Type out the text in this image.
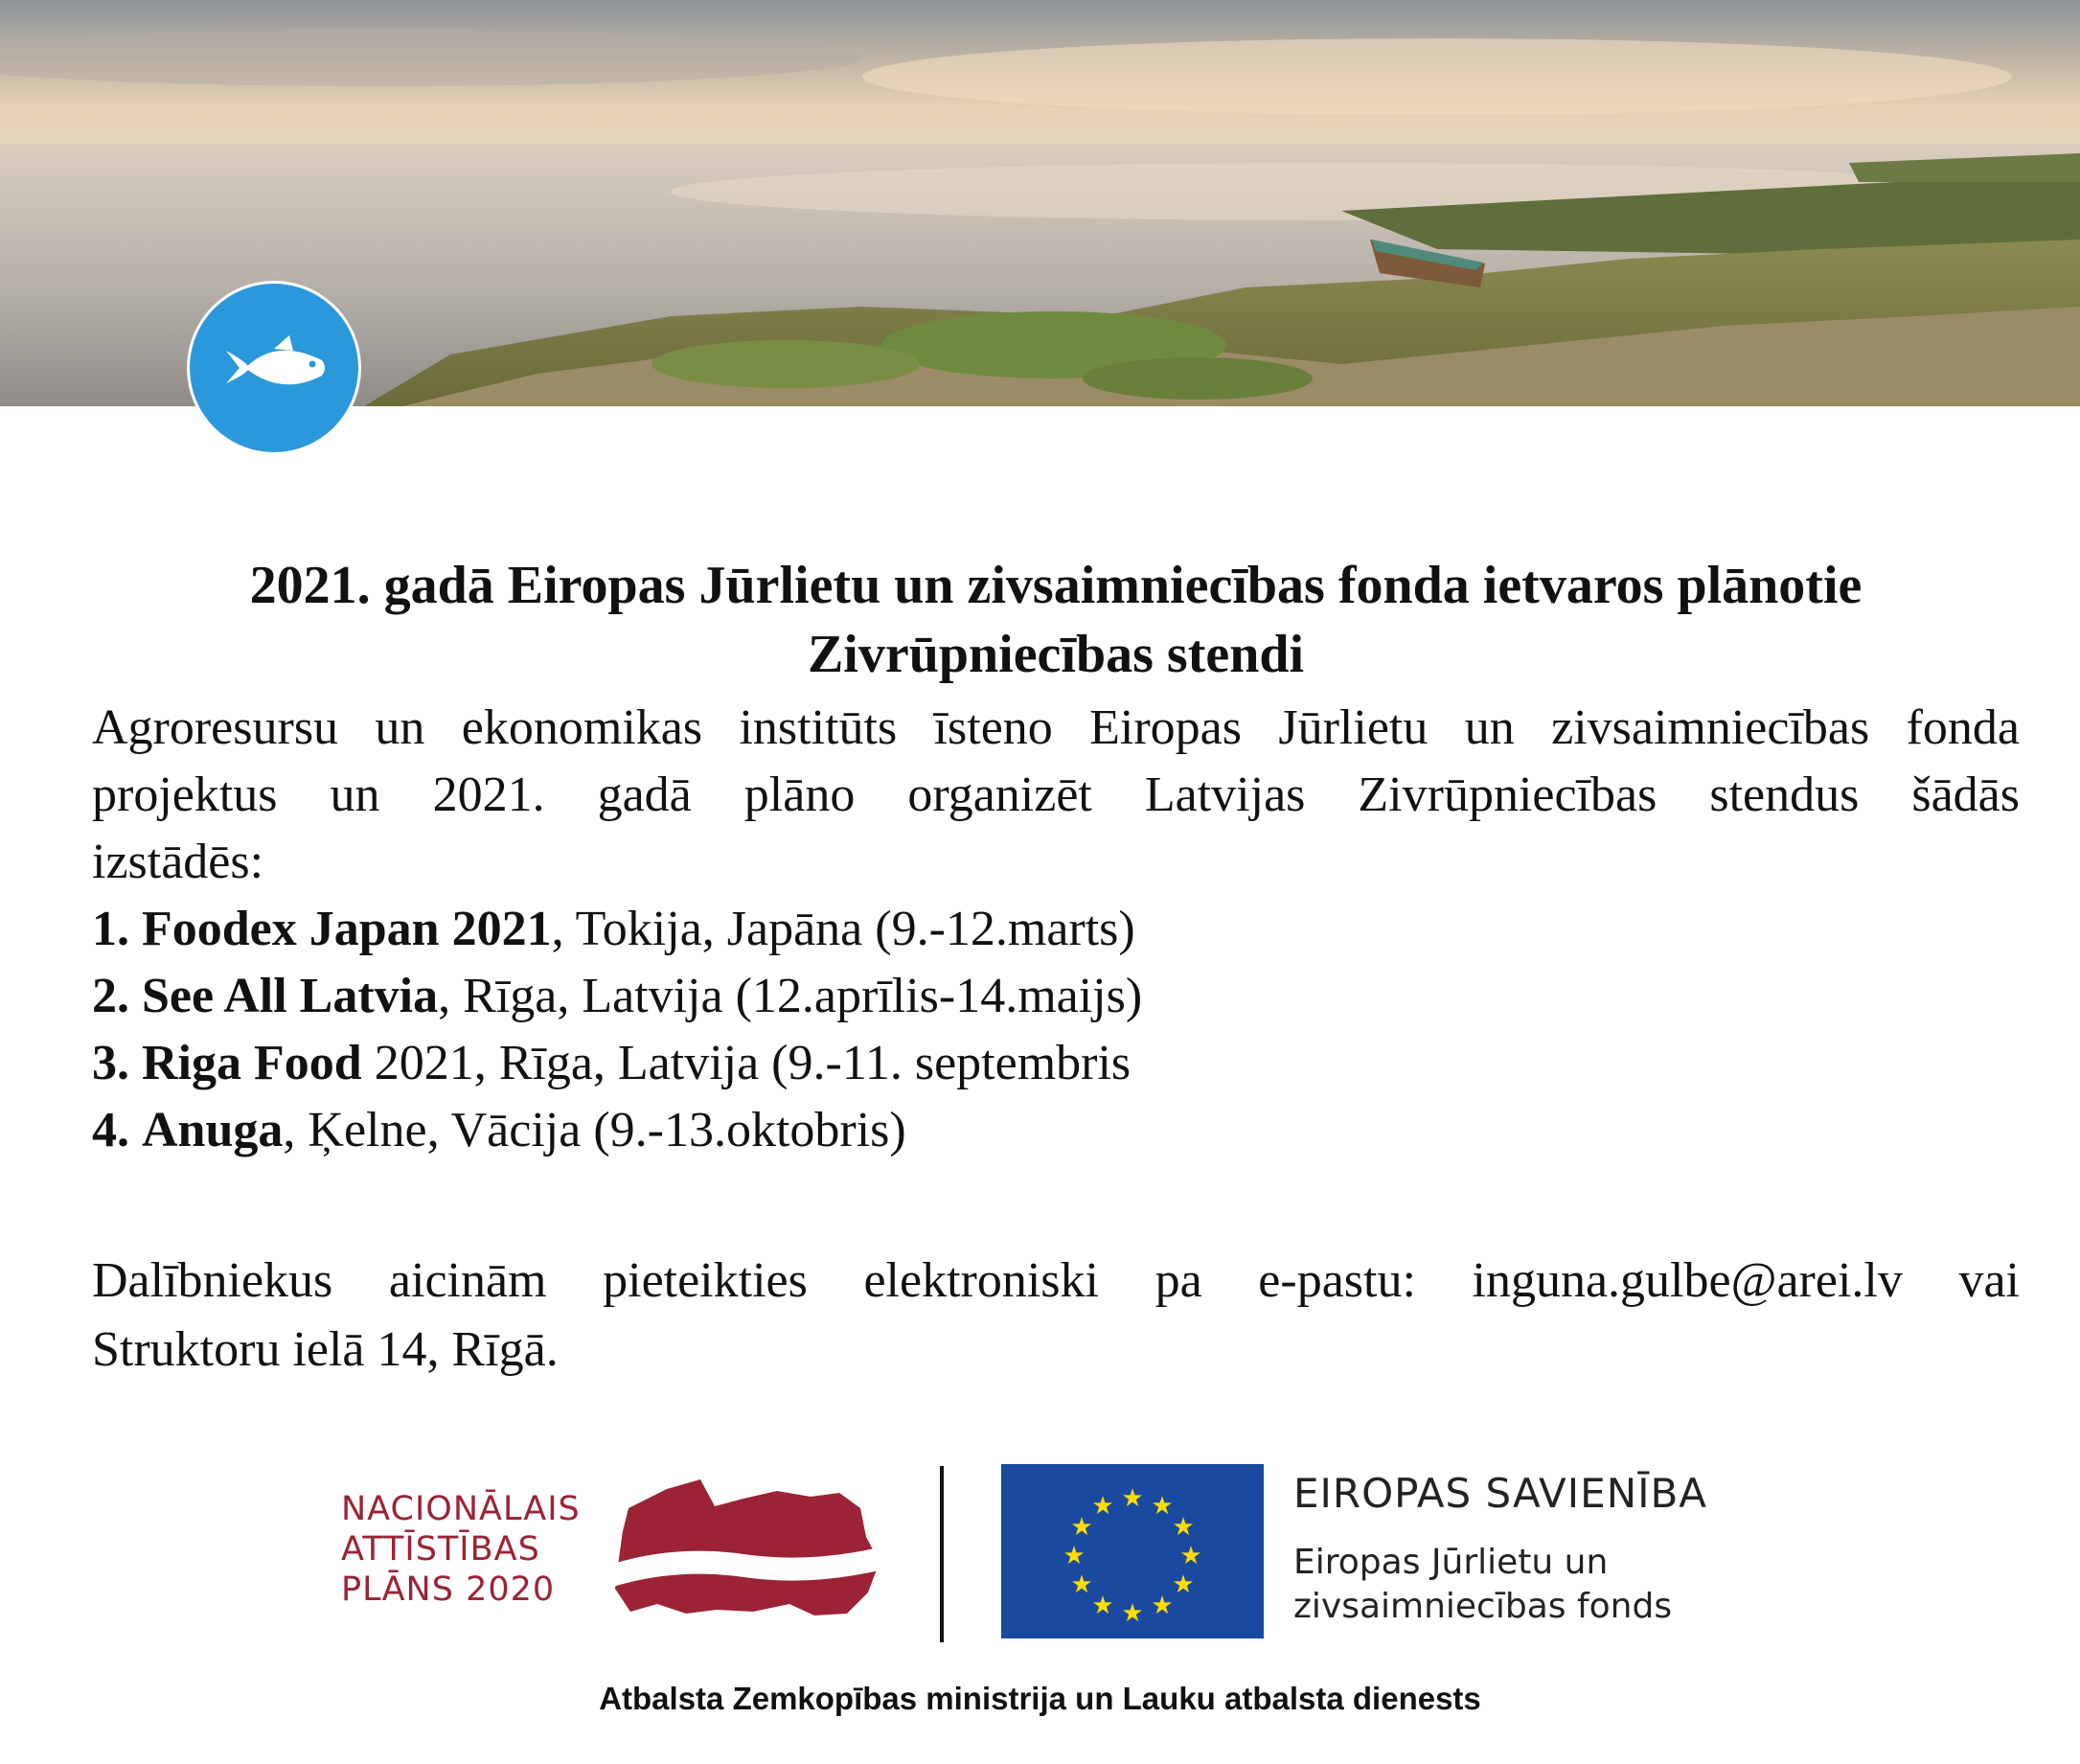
2021. gadā Eiropas Jūrlietu un zivsaimniecības fonda ietvaros plānotie
Zivrūpniecības stendi

Agroresursu un ekonomikas institūts īsteno Eiropas Jūrlietu un zivsaimniecības fonda
projektus un 2021. gadā plāno organizēt Latvijas Zivrūpniecības stendus šādās
izstādēs:

1. Foodex Japan 2021, Tokija, Japāna (9.-12.marts)
2. See All Latvia, Rīga, Latvija (12.aprīlis-14.maijs)
3. Riga Food 2021, Rīga, Latvija (9.-11. septembris
4. Anuga, Ķelne, Vācija (9.-13.oktobris)

Dalībniekus aicinām pieteikties elektroniski pa e-pastu: inguna.gulbe@arei.lv vai
Struktoru ielā 14, Rīgā.

NACIONĀLAIS
ATTĪSTĪBAS
PLĀNS 2020
★ ★
★
★
★
★
★
★
★
★
★
★	EIROPAS SAVIENĪBA
Eiropas Jūrlietu un
zivsaimniecības fonds
Atbalsta Zemkopības ministrija un Lauku atbalsta dienests
